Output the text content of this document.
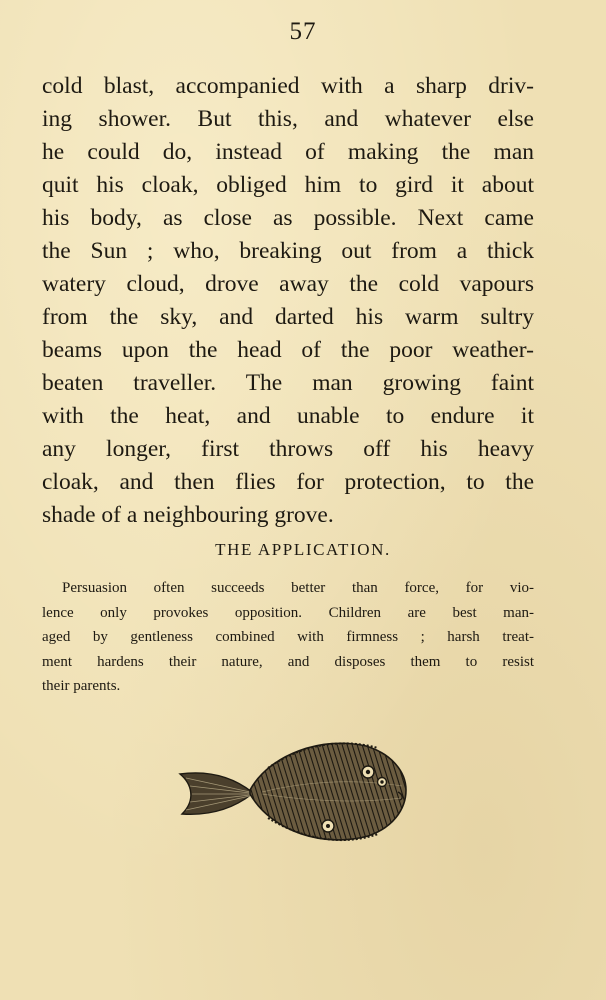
57
cold blast, accompanied with a sharp driv-
ing shower. But this, and whatever else
he could do, instead of making the man
quit his cloak, obliged him to gird it about
his body, as close as possible. Next came
the Sun ; who, breaking out from a thick
watery cloud, drove away the cold vapours
from the sky, and darted his warm sultry
beams upon the head of the poor weather-
beaten traveller. The man growing faint
with the heat, and unable to endure it
any longer, first throws off his heavy
cloak, and then flies for protection, to the
shade of a neighbouring grove.
THE APPLICATION.
Persuasion often succeeds better than force, for vio-
lence only provokes opposition. Children are best man-
aged by gentleness combined with firmness ; harsh treat-
ment hardens their nature, and disposes them to resist
their parents.
